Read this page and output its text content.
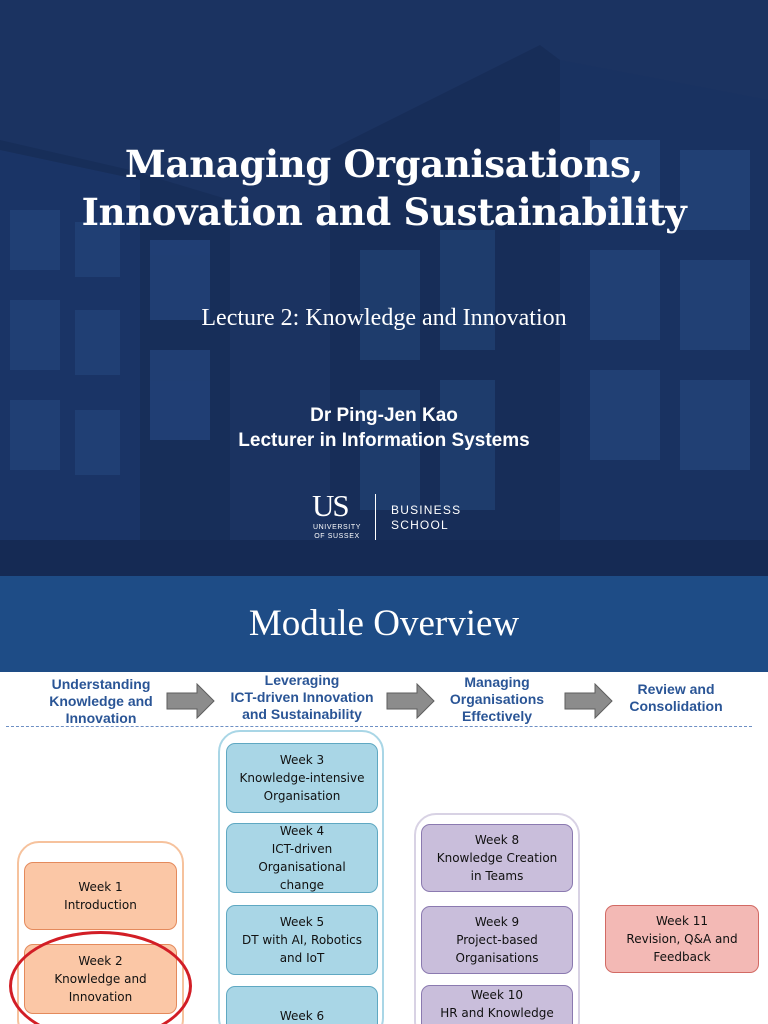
Managing Organisations,
Innovation and Sustainability
Lecture 2: Knowledge and Innovation
Dr Ping-Jen Kao
Lecturer in Information Systems
US
UNIVERSITY
OF SUSSEX
BUSINESS
SCHOOL
Module Overview
Understanding
Knowledge and
Innovation
Leveraging
ICT-driven Innovation
and Sustainability
Managing
Organisations
Effectively
Review and
Consolidation
Week 1
Introduction
Week 2
Knowledge and
Innovation
Week 3
Knowledge-intensive
Organisation
Week 4
ICT-driven
Organisational
change
Week 5
DT with AI, Robotics
and IoT
Week 6
Week 8
Knowledge Creation
in Teams
Week 9
Project-based
Organisations
Week 10
HR and Knowledge
Week 11
Revision, Q&A and
Feedback
